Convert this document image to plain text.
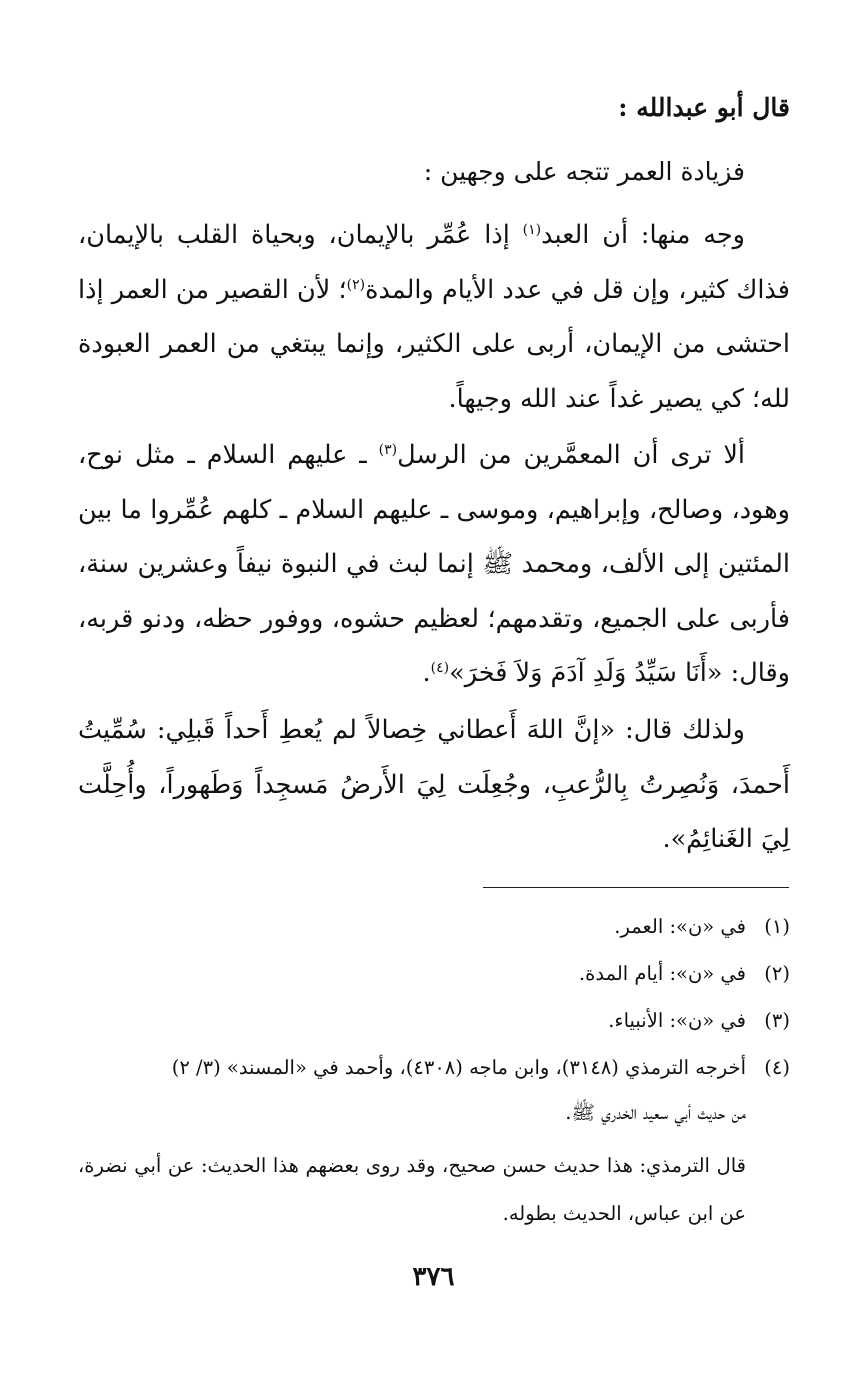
قال أبو عبدالله :
فزيادة العمر تتجه على وجهين :

وجه منها: أن العبد$^{(١)}$ إذا عُمِّر بالإيمان، وبحياة القلب بالإيمان، فذاك كثير، وإن قل في عدد الأيام والمدة$^{(٢)}$؛ لأن القصير من العمر إذا احتشى من الإيمان، أربى على الكثير، وإنما يبتغي من العمر العبودة لله؛ كي يصير غداً عند الله وجيهاً.

ألا ترى أن المعمَّرين من الرسل$^{(٣)}$ ـ عليهم السلام ـ مثل نوح، وهود، وصالح، وإبراهيم، وموسى ـ عليهم السلام ـ كلهم عُمِّروا ما بين المئتين إلى الألف، ومحمد ﷺ إنما لبث في النبوة نيفاً وعشرين سنة، فأربى على الجميع، وتقدمهم؛ لعظيم حشوه، ووفور حظه، ودنو قربه، وقال: «أَنَا سَيِّدُ وَلَدِ آدَمَ وَلاَ فَخرَ»$^{(٤)}$.

ولذلك قال: «إنَّ اللهَ أَعطاني خِصالاً لم يُعطِ أَحداً قَبلِي: سُمِّيتُ أَحمدَ، وَنُصِرتُ بِالرُّعبِ، وجُعِلَت لِيَ الأَرضُ مَسجِداً وَطَهوراً، وأُحِلَّت لِيَ الغَنائِمُ».

(١)
في «ن»: العمر.
(٢)
في «ن»: أيام المدة.
(٣)
في «ن»: الأنبياء.
(٤)
أخرجه الترمذي (٣١٤٨)، وابن ماجه (٤٣٠٨)، وأحمد في «المسند» (٣/ ٢)
من حديث أبي سعيد الخدري ﷺ.
قال الترمذي: هذا حديث حسن صحيح، وقد روى بعضهم هذا الحديث: عن أبي نضرة، عن ابن عباس، الحديث بطوله.
٣٧٦
